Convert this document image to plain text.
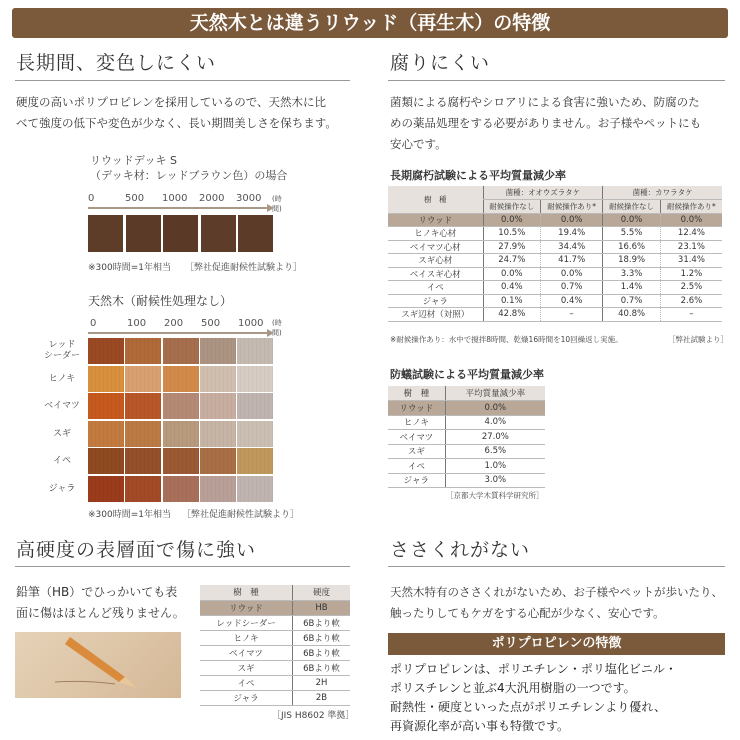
天然木とは違うリウッド（再生木）の特徴
長期間、変色しにくい
硬度の高いポリプロピレンを採用しているので、天然木に比
べて強度の低下や変色が少なく、長い期間美しさを保ちます。
リウッドデッキ S
（デッキ材：レッドブラウン色）の場合
0	500 1000 2000 3000 (時間)
※300時間=1年相当 ［弊社促進耐候性試験より］
天然木（耐候性処理なし）
0	100 200 500 1000 (時間)
レッド
シーダー
ヒノキ
ベイマツ
スギ
イペ
ジャラ
※300時間=1年相当 ［弊社促進耐候性試験より］
高硬度の表層面で傷に強い
鉛筆（HB）でひっかいても表
面に傷はほとんど残りません。
樹　種	硬度
リウッド	HB
レッドシーダー	6Bより軟
ヒノキ	6Bより軟
ベイマツ	6Bより軟
スギ	6Bより軟
イペ	2H
ジャラ	2B
［JIS H8602 準拠］
腐りにくい
菌類による腐朽やシロアリによる食害に強いため、防腐のた
めの薬品処理をする必要がありません。お子様やペットにも
安心です。
長期腐朽試験による平均質量減少率
樹　種	菌種：オオウズラタケ		菌種：カワラタケ	
	耐候操作なし	耐候操作あり*	耐候操作なし	耐候操作あり*
リウッド	0.0%	0.0%	0.0%	0.0%
ヒノキ心材	10.5%	19.4%	5.5%	12.4%
ベイマツ心材	27.9%	34.4%	16.6%	23.1%
スギ心材	24.7%	41.7%	18.9%	31.4%
ベイスギ心材	0.0%	0.0%	3.3%	1.2%
イペ	0.4%	0.7%	1.4%	2.5%
ジャラ	0.1%	0.4%	0.7%	2.6%
スギ辺材（対照）	42.8%	–	40.8%	–
※耐候操作あり：水中で撹拌8時間、乾燥16時間を10回繰返し実施。	［弊社試験より］
防蟻試験による平均質量減少率
樹　種	平均質量減少率
リウッド	0.0%
ヒノキ	4.0%
ベイマツ	27.0%
スギ	6.5%
イペ	1.0%
ジャラ	3.0%
［京都大学木質科学研究所］
ささくれがない
天然木特有のささくれがないため、お子様やペットが歩いたり、
触ったりしてもケガをする心配が少なく、安心です。
ポリプロピレンの特徴
ポリプロピレンは、ポリエチレン・ポリ塩化ビニル・
ポリスチレンと並ぶ4大汎用樹脂の一つです。
耐熱性・硬度といった点がポリエチレンより優れ、
再資源化率が高い事も特徴です。
